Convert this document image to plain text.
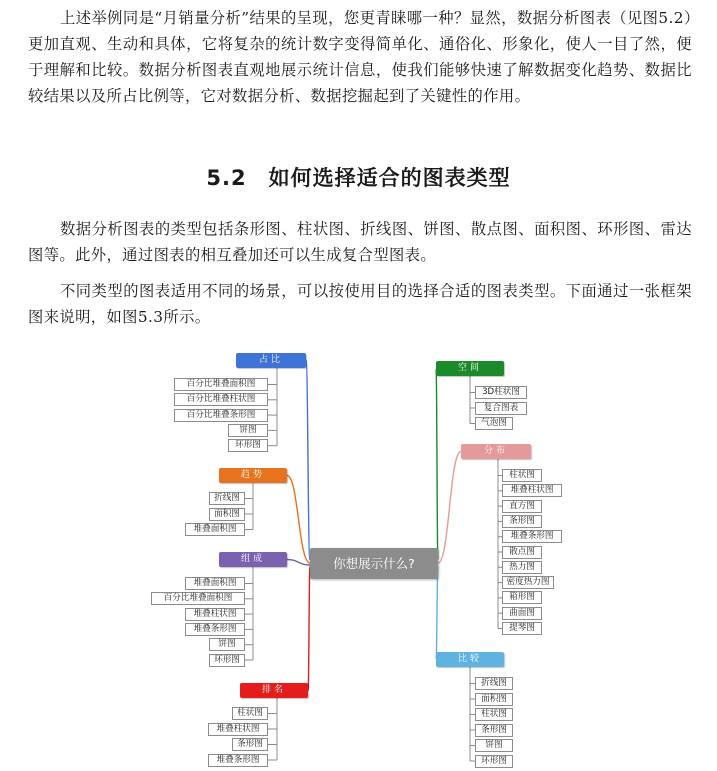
上述举例同是“月销量分析”结果的呈现，您更青睐哪一种？显然，数据分析图表（见图5.2）更加直观、生动和具体，它将复杂的统计数字变得简单化、通俗化、形象化，使人一目了然，便于理解和比较。数据分析图表直观地展示统计信息，使我们能够快速了解数据变化趋势、数据比较结果以及所占比例等，它对数据分析、数据挖掘起到了关键性的作用。

5.2 如何选择适合的图表类型

数据分析图表的类型包括条形图、柱状图、折线图、饼图、散点图、面积图、环形图、雷达图等。此外，通过图表的相互叠加还可以生成复合型图表。

不同类型的图表适用不同的场景，可以按使用目的选择合适的图表类型。下面通过一张框架图来说明，如图5.3所示。

你想展示什么?
占比
百分比堆叠面积图
百分比堆叠柱状图
百分比堆叠条形图
饼图
环形图
趋势
折线图
面积图
堆叠面积图
组成
堆叠面积图
百分比堆叠面积图
堆叠柱状图
堆叠条形图
饼图
环形图
排名
柱状图
堆叠柱状图
条形图
堆叠条形图
空间
3D柱状图
复合图表
气泡图
分布
柱状图
堆叠柱状图
直方图
条形图
堆叠条形图
散点图
热力图
密度热力图
箱形图
曲面图
提琴图
比较
折线图
面积图
柱状图
条形图
饼图
环形图
